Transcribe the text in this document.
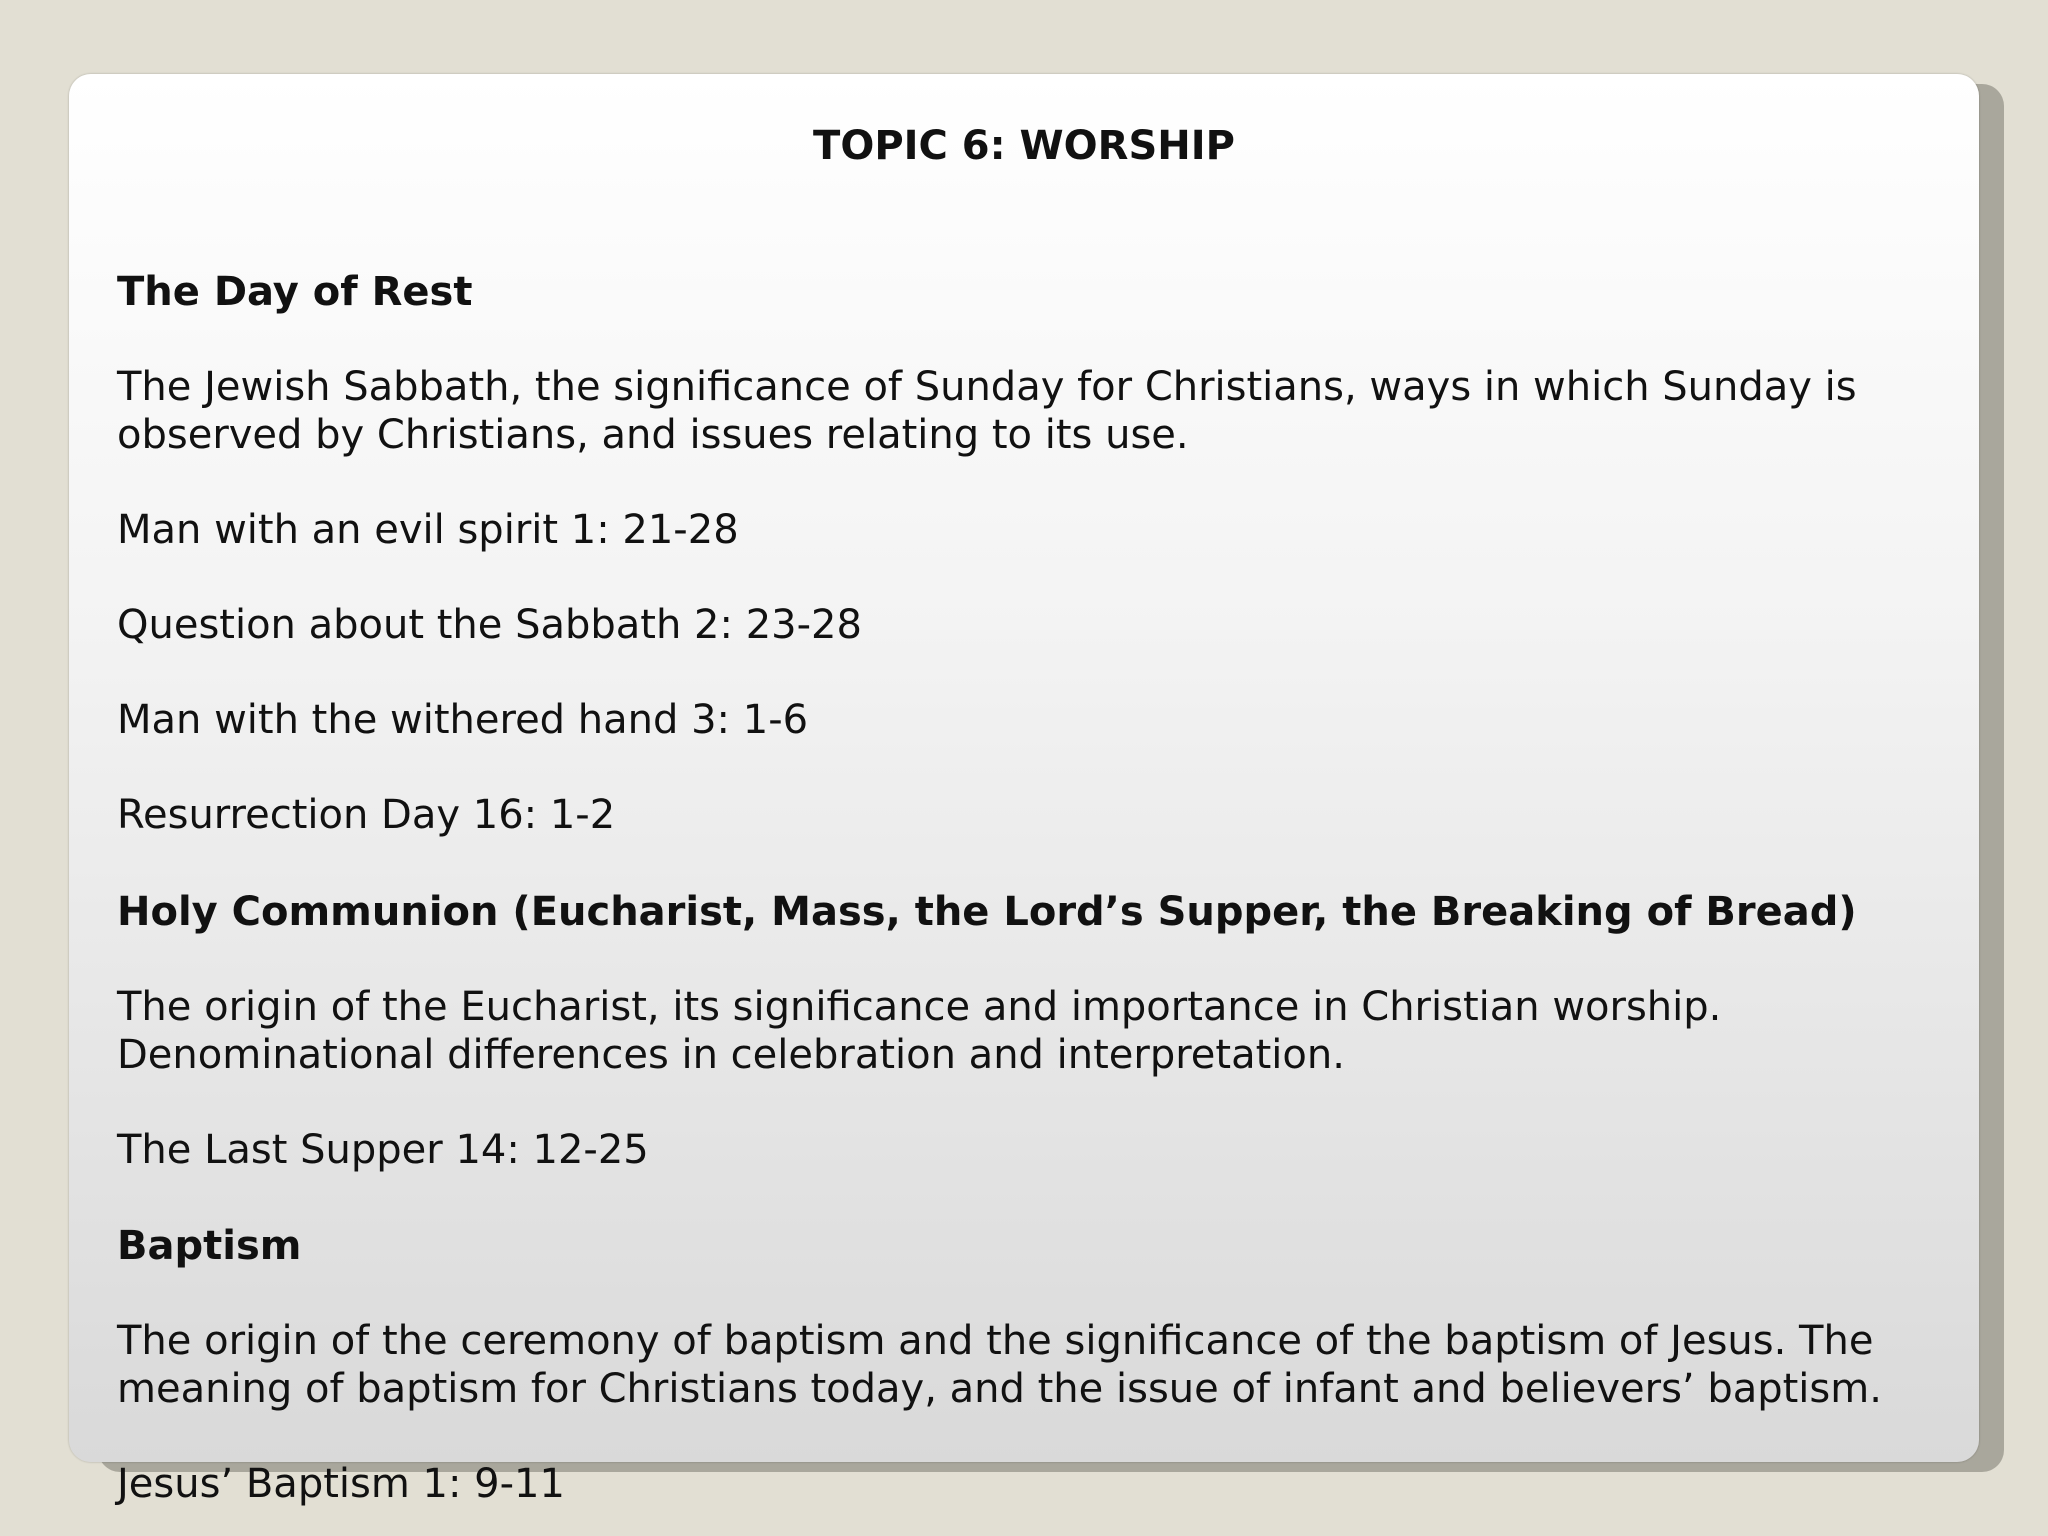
TOPIC 6: WORSHIP
The Day of Rest
The Jewish Sabbath, the significance of Sunday for Christians, ways in which Sunday is
observed by Christians, and issues relating to its use.
Man with an evil spirit 1: 21-28
Question about the Sabbath 2: 23-28
Man with the withered hand 3: 1-6
Resurrection Day 16: 1-2
Holy Communion (Eucharist, Mass, the Lord’s Supper, the Breaking of Bread)
The origin of the Eucharist, its significance and importance in Christian worship.
Denominational differences in celebration and interpretation.
The Last Supper 14: 12-25
Baptism
The origin of the ceremony of baptism and the significance of the baptism of Jesus. The
meaning of baptism for Christians today, and the issue of infant and believers’ baptism.
Jesus’ Baptism 1: 9-11
